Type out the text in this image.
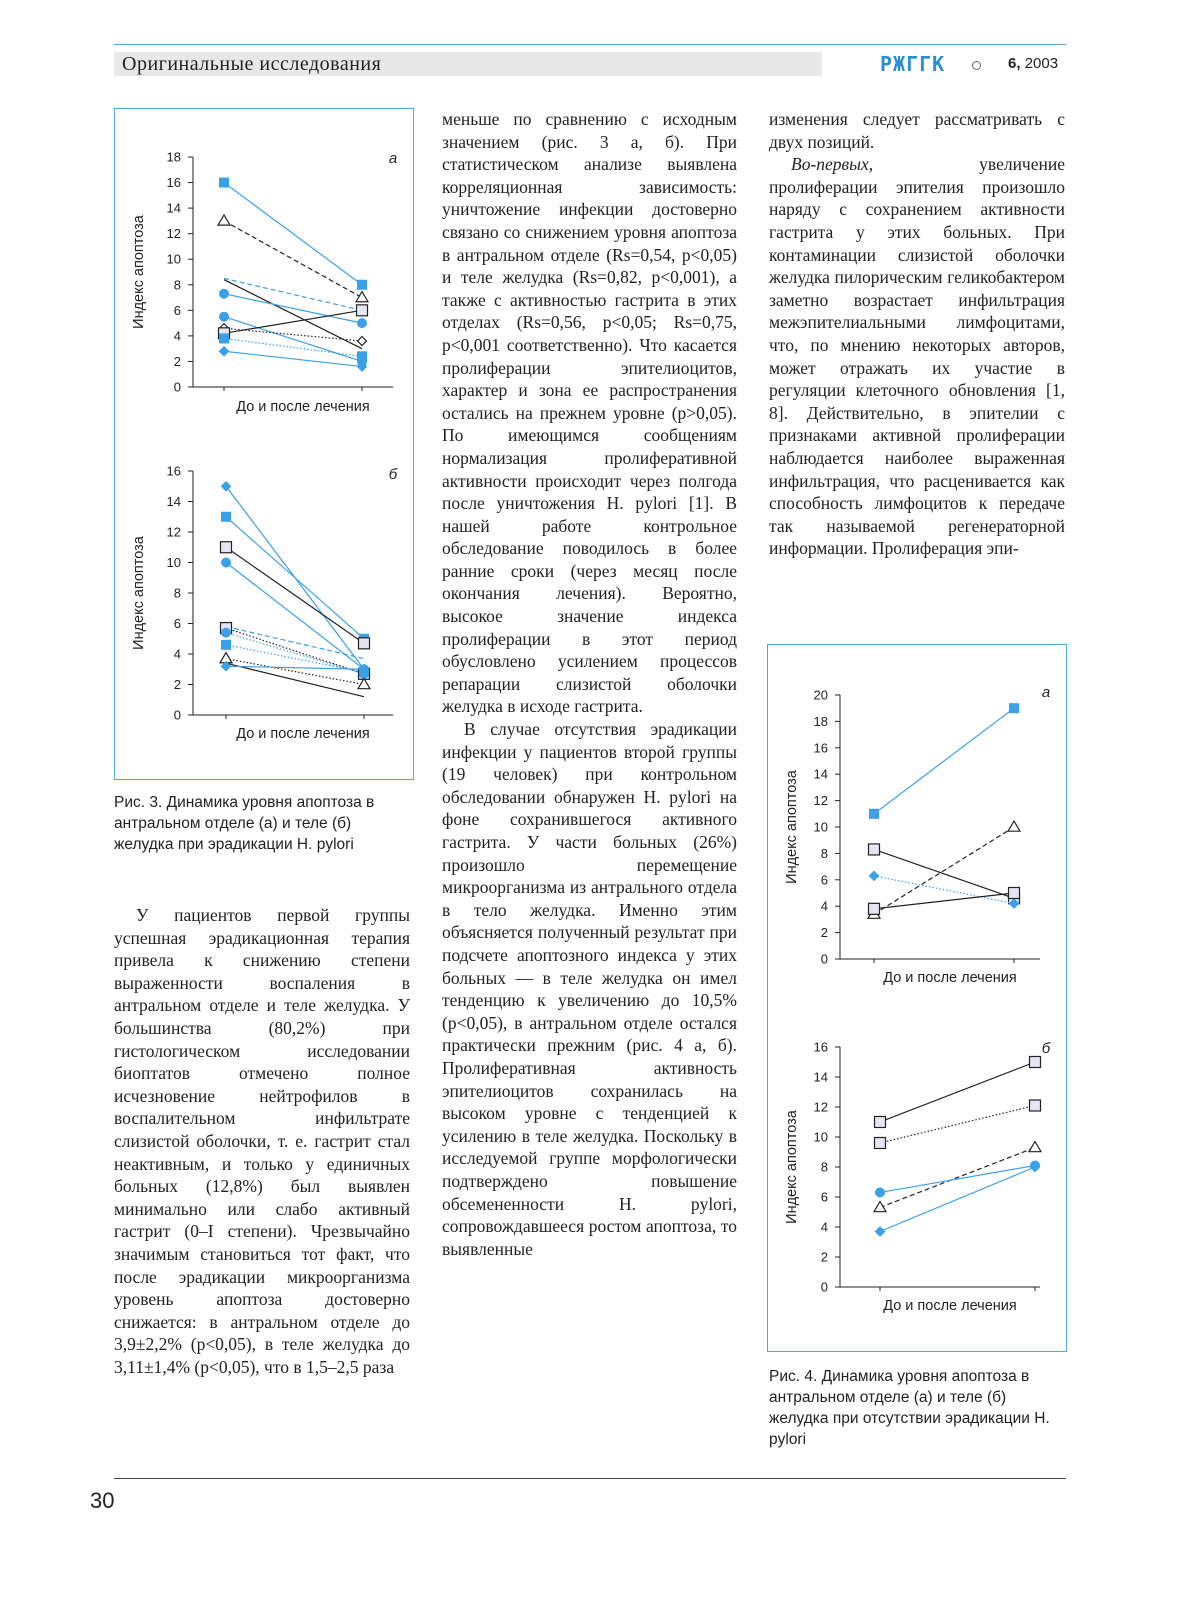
Оригинальные исследования	РЖГГК	6, 2003
0
2
4
6
8
10
12
14
16
18
До и после лечения
Индекс апоптоза
а
0
2
4
6
8
10
12
14
16
До и после лечения
Индекс апоптоза
б
Рис. 3. Динамика уровня апоптоза в антральном отделе (а) и теле (б) желудка при эрадикации H. pylori
0
2
4
6
8
10
12
14
16
18
20
До и после лечения
Индекс апоптоза
а
0
2
4
6
8
10
12
14
16
До и после лечения
Индекс апоптоза
б
Рис. 4. Динамика уровня апоптоза в антральном отделе (а) и теле (б) желудка при отсутствии эрадикации H. pylori

У пациентов первой группы успешная эрадикационная терапия привела к снижению степени выраженности воспаления в антральном отделе и теле желудка. У большинства (80,2%) при гистологическом исследовании биоптатов отмечено полное исчезновение нейтрофилов в воспалительном инфильтрате слизистой оболочки, т. е. гастрит стал неактивным, и только у единичных больных (12,8%) был выявлен минимально или слабо активный гастрит (0–I степени). Чрезвычайно значимым становиться тот факт, что после эрадикации микроорганизма уровень апоптоза достоверно снижается: в антральном отделе до 3,9±2,2% (p<0,05), в теле желудка до 3,11±1,4% (p<0,05), что в 1,5–2,5 раза

меньше по сравнению с исходным значением (рис. 3 а, б). При статистическом анализе выявлена корреляционная зависимость: уничтожение инфекции достоверно связано со снижением уровня апоптоза в антральном отделе (Rs=0,54, p<0,05) и теле желудка (Rs=0,82, p<0,001), а также с активностью гастрита в этих отделах (Rs=0,56, p<0,05; Rs=0,75, p<0,001 соответственно). Что касается пролиферации эпителиоцитов, характер и зона ее распространения остались на прежнем уровне (p>0,05). По имеющимся сообщениям нормализация пролиферативной активности происходит через полгода после уничтожения H. pylori [1]. В нашей работе контрольное обследование поводилось в более ранние сроки (через месяц после окончания лечения). Вероятно, высокое значение индекса пролиферации в этот период обусловлено усилением процессов репарации слизистой оболочки желудка в исходе гастрита.

В случае отсутствия эрадикации инфекции у пациентов второй группы (19 человек) при контрольном обследовании обнаружен H. pylori на фоне сохранившегося активного гастрита. У части больных (26%) произошло перемещение микроорганизма из антрального отдела в тело желудка. Именно этим объясняется полученный результат при подсчете апоптозного индекса у этих больных — в теле желудка он имел тенденцию к увеличению до 10,5% (p<0,05), в антральном отделе остался практически прежним (рис. 4 а, б). Пролиферативная активность эпителиоцитов сохранилась на высоком уровне с тенденцией к усилению в теле желудка. Поскольку в исследуемой группе морфологически подтверждено повышение обсемененности H. pylori, сопровождавшееся ростом апоптоза, то выявленные

изменения следует рассматривать с двух позиций.

Во-первых, увеличение пролиферации эпителия произошло наряду с сохранением активности гастрита у этих больных. При контаминации слизистой оболочки желудка пилорическим геликобактером заметно возрастает инфильтрация межэпителиальными лимфоцитами, что, по мнению некоторых авторов, может отражать их участие в регуляции клеточного обновления [1, 8]. Действительно, в эпителии с признаками активной пролиферации наблюдается наиболее выраженная инфильтрация, что расценивается как способность лимфоцитов к передаче так называемой регенераторной информации. Пролиферация эпи-

30
